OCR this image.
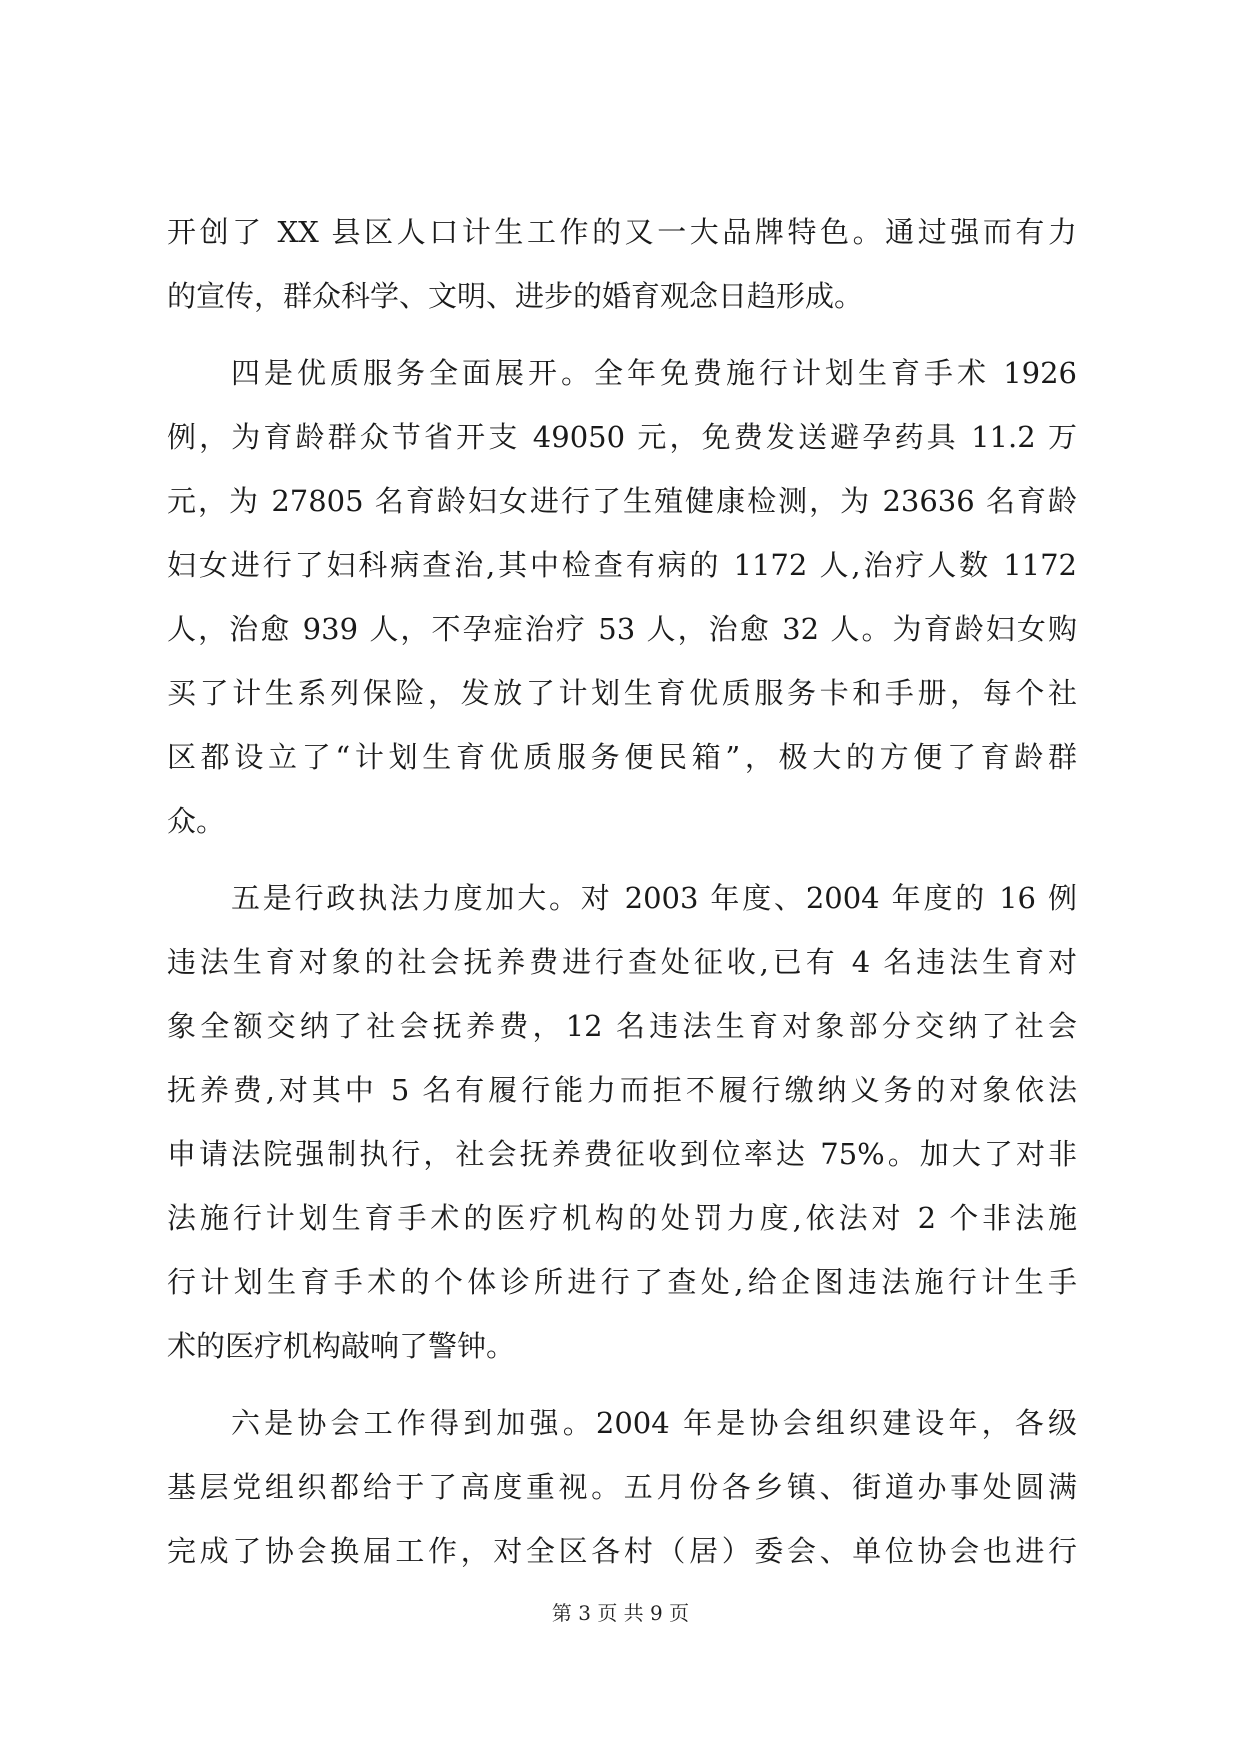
开创了 XX 县区人口计生工作的又一大品牌特色。通过强而有力
的宣传，群众科学、文明、进步的婚育观念日趋形成。
四是优质服务全面展开。全年免费施行计划生育手术 1926
例，为育龄群众节省开支 49050 元，免费发送避孕药具 11.2 万
元，为 27805 名育龄妇女进行了生殖健康检测，为 23636 名育龄
妇女进行了妇科病查治,其中检查有病的 1172 人,治疗人数 1172
人，治愈 939 人，不孕症治疗 53 人，治愈 32 人。为育龄妇女购
买了计生系列保险，发放了计划生育优质服务卡和手册，每个社
区都设立了“计划生育优质服务便民箱”，极大的方便了育龄群
众。
五是行政执法力度加大。对 2003 年度、2004 年度的 16 例
违法生育对象的社会抚养费进行查处征收,已有 4 名违法生育对
象全额交纳了社会抚养费，12 名违法生育对象部分交纳了社会
抚养费,对其中 5 名有履行能力而拒不履行缴纳义务的对象依法
申请法院强制执行，社会抚养费征收到位率达 75%。加大了对非
法施行计划生育手术的医疗机构的处罚力度,依法对 2 个非法施
行计划生育手术的个体诊所进行了查处,给企图违法施行计生手
术的医疗机构敲响了警钟。
六是协会工作得到加强。2004 年是协会组织建设年，各级
基层党组织都给于了高度重视。五月份各乡镇、街道办事处圆满
完成了协会换届工作，对全区各村（居）委会、单位协会也进行
第 3 页 共 9 页
